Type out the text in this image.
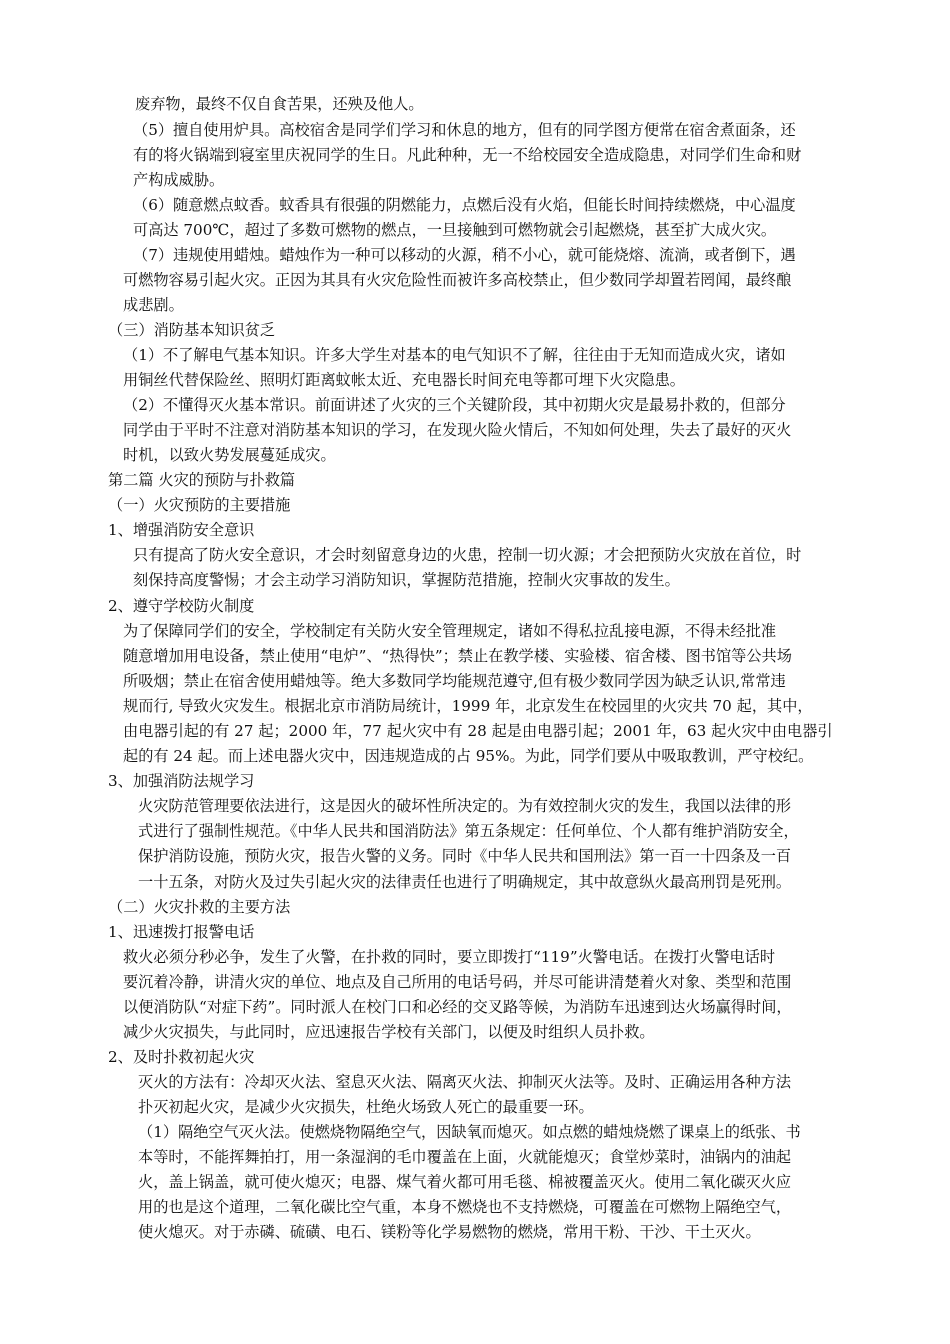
废弃物，最终不仅自食苦果，还殃及他人。
（5）擅自使用炉具。高校宿舍是同学们学习和休息的地方，但有的同学图方便常在宿舍煮面条，还
有的将火锅端到寝室里庆祝同学的生日。凡此种种，无一不给校园安全造成隐患，对同学们生命和财
产构成威胁。
（6）随意燃点蚊香。蚊香具有很强的阴燃能力，点燃后没有火焰，但能长时间持续燃烧，中心温度
可高达 700℃，超过了多数可燃物的燃点，一旦接触到可燃物就会引起燃烧，甚至扩大成火灾。
（7）违规使用蜡烛。蜡烛作为一种可以移动的火源，稍不小心，就可能烧熔、流淌，或者倒下，遇
可燃物容易引起火灾。正因为其具有火灾危险性而被许多高校禁止，但少数同学却置若罔闻，最终酿
成悲剧。
（三）消防基本知识贫乏
（1）不了解电气基本知识。许多大学生对基本的电气知识不了解，往往由于无知而造成火灾，诸如
用铜丝代替保险丝、照明灯距离蚊帐太近、充电器长时间充电等都可埋下火灾隐患。
（2）不懂得灭火基本常识。前面讲述了火灾的三个关键阶段，其中初期火灾是最易扑救的，但部分
同学由于平时不注意对消防基本知识的学习，在发现火险火情后，不知如何处理，失去了最好的灭火
时机，以致火势发展蔓延成灾。
第二篇 火灾的预防与扑救篇
（一）火灾预防的主要措施
1、增强消防安全意识
只有提高了防火安全意识，才会时刻留意身边的火患，控制一切火源；才会把预防火灾放在首位，时
刻保持高度警惕；才会主动学习消防知识，掌握防范措施，控制火灾事故的发生。
2、遵守学校防火制度
为了保障同学们的安全，学校制定有关防火安全管理规定，诸如不得私拉乱接电源，不得未经批准
随意增加用电设备，禁止使用“电炉”、“热得快”；禁止在教学楼、实验楼、宿舍楼、图书馆等公共场
所吸烟；禁止在宿舍使用蜡烛等。绝大多数同学均能规范遵守,但有极少数同学因为缺乏认识,常常违
规而行, 导致火灾发生。根据北京市消防局统计，1999 年，北京发生在校园里的火灾共 70 起，其中，
由电器引起的有 27 起；2000 年，77 起火灾中有 28 起是由电器引起；2001 年，63 起火灾中由电器引
起的有 24 起。而上述电器火灾中，因违规造成的占 95%。为此，同学们要从中吸取教训，严守校纪。
3、加强消防法规学习
火灾防范管理要依法进行，这是因火的破坏性所决定的。为有效控制火灾的发生，我国以法律的形
式进行了强制性规范。《中华人民共和国消防法》第五条规定：任何单位、个人都有维护消防安全，
保护消防设施，预防火灾，报告火警的义务。同时《中华人民共和国刑法》第一百一十四条及一百
一十五条，对防火及过失引起火灾的法律责任也进行了明确规定，其中故意纵火最高刑罚是死刑。
（二）火灾扑救的主要方法
1、迅速拨打报警电话
救火必须分秒必争，发生了火警，在扑救的同时，要立即拨打“119”火警电话。在拨打火警电话时
要沉着冷静，讲清火灾的单位、地点及自己所用的电话号码，并尽可能讲清楚着火对象、类型和范围
以便消防队“对症下药”。同时派人在校门口和必经的交叉路等候，为消防车迅速到达火场赢得时间，
减少火灾损失，与此同时，应迅速报告学校有关部门，以便及时组织人员扑救。
2、及时扑救初起火灾
灭火的方法有：冷却灭火法、窒息灭火法、隔离灭火法、抑制灭火法等。及时、正确运用各种方法
扑灭初起火灾，是减少火灾损失，杜绝火场致人死亡的最重要一环。
（1）隔绝空气灭火法。使燃烧物隔绝空气，因缺氧而熄灭。如点燃的蜡烛烧燃了课桌上的纸张、书
本等时，不能挥舞拍打，用一条湿润的毛巾覆盖在上面，火就能熄灭；食堂炒菜时，油锅内的油起
火，盖上锅盖，就可使火熄灭；电器、煤气着火都可用毛毯、棉被覆盖灭火。使用二氧化碳灭火应
用的也是这个道理，二氧化碳比空气重，本身不燃烧也不支持燃烧，可覆盖在可燃物上隔绝空气，
使火熄灭。对于赤磷、硫磺、电石、镁粉等化学易燃物的燃烧，常用干粉、干沙、干土灭火。
